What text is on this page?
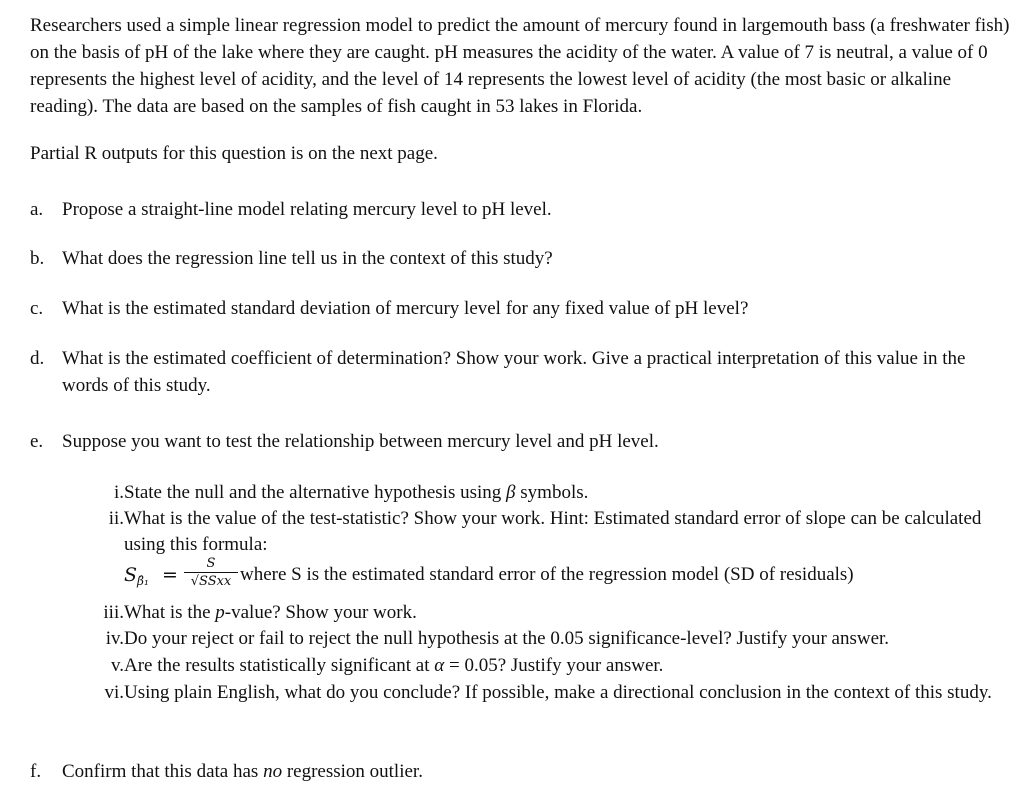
Researchers used a simple linear regression model to predict the amount of mercury found in largemouth bass (a freshwater fish) on the basis of pH of the lake where they are caught. pH measures the acidity of the water. A value of 7 is neutral, a value of 0 represents the highest level of acidity, and the level of 14 represents the lowest level of acidity (the most basic or alkaline reading). The data are based on the samples of fish caught in 53 lakes in Florida.

Partial R outputs for this question is on the next page.

a. Propose a straight-line model relating mercury level to pH level.

b. What does the regression line tell us in the context of this study?

c. What is the estimated standard deviation of mercury level for any fixed value of pH level?

d. What is the estimated coefficient of determination? Show your work. Give a practical interpretation of this value in the words of this study.

e. Suppose you want to test the relationship between mercury level and pH level.

i. State the null and the alternative hypothesis using β symbols.

ii. What is the value of the test-statistic? Show your work. Hint: Estimated standard error of slope can be calculated using this formula:

$S_{\betâ_1}$ =
S
√SSxx where S is the estimated standard error of the regression model (SD of residuals)

iii. What is the p-value? Show your work.

iv. Do your reject or fail to reject the null hypothesis at the 0.05 significance-level? Justify your answer.

v. Are the results statistically significant at α = 0.05? Justify your answer.

vi. Using plain English, what do you conclude? If possible, make a directional conclusion in the context of this study.

f. Confirm that this data has no regression outlier.
